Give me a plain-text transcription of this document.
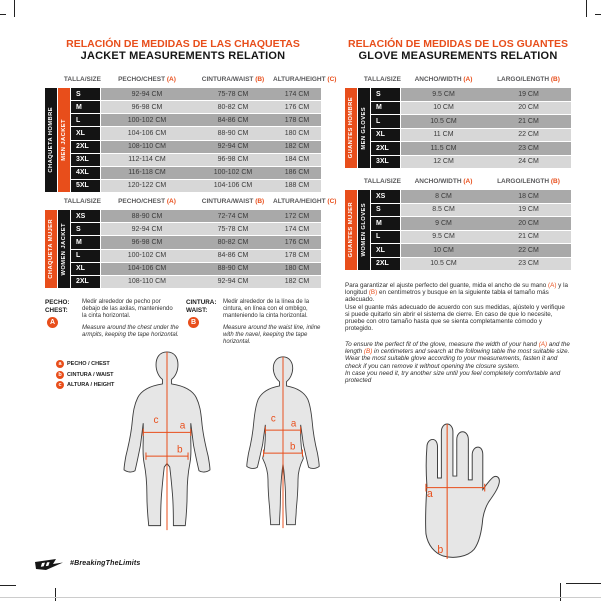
RELACIÓN DE MEDIDAS DE LAS CHAQUETAS
JACKET MEASUREMENTS RELATION
TALLA/SIZE	PECHO/CHEST (A)	CINTURA/WAIST (B)	ALTURA/HEIGHT (C)
CHAQUETA HOMBRE MEN JACKET
S	92-94 CM	75-78 CM	174 CM
M	96-98 CM	80-82 CM	176 CM
L	100-102 CM	84-86 CM	178 CM
XL	104-106 CM	88-90 CM	180 CM
2XL	108-110 CM	92-94 CM	182 CM
3XL	112-114 CM	96-98 CM	184 CM
4XL	116-118 CM	100-102 CM	186 CM
5XL	120-122 CM	104-106 CM	188 CM
TALLA/SIZE	PECHO/CHEST (A)	CINTURA/WAIST (B)	ALTURA/HEIGHT (C)
CHAQUETA MUJER WOMEN JACKET
XS	88-90 CM	72-74 CM	172 CM
S	92-94 CM	75-78 CM	174 CM
M	96-98 CM	80-82 CM	176 CM
L	100-102 CM	84-86 CM	178 CM
XL	104-106 CM	88-90 CM	180 CM
2XL	108-110 CM	92-94 CM	182 CM
RELACIÓN DE MEDIDAS DE LOS GUANTES
GLOVE MEASUREMENTS RELATION
TALLA/SIZE	ANCHO/WIDTH (A)	LARGO/LENGTH (B)
GUANTES HOMBRE MEN GLOVES
S	9.5 CM	19 CM
M	10 CM	20 CM
L	10.5 CM	21 CM
XL	11 CM	22 CM
2XL	11.5 CM	23 CM
3XL	12 CM	24 CM
TALLA/SIZE	ANCHO/WIDTH (A)	LARGO/LENGTH (B)
GUANTES MUJER WOMEN GLOVES
XS	8 CM	18 CM
S	8.5 CM	19 CM
M	9 CM	20 CM
L	9.5 CM	21 CM
XL	10 CM	22 CM
2XL	10.5 CM	23 CM
PECHO:
CHEST:
A

Medir alrededor de pecho por debajo de las axilas, manteniendo la cinta horizontal.

Measure around the chest under the armpits, keeping the tape horizontal.

CINTURA:
WAIST:
B

Medir alrededor de la línea de la cintura, en línea con el ombligo, manteniendo la cinta horizontal.

Measure around the waist line, inline with the navel, keeping the tape horizontal.

a PECHO / CHEST
b CINTURA / WAIST
c ALTURA / HEIGHT
c a
b
c a
b
Para garantizar el ajuste perfecto del guante, mida el ancho de su mano (A) y la longitud (B) en centímetros y busque en la siguiente tabla el tamaño más adecuado.
Use el guante más adecuado de acuerdo con sus medidas, ajústelo y verifique si puede quitarlo sin abrir el sistema de cierre. En caso de que lo necesite, pruebe con otro tamaño hasta que se sienta completamente cómodo y protegido.
To ensure the perfect fit of the glove, measure the width of your hand (A) and the length (B) in centimeters and search at the following table the most suitable size. Wear the most suitable glove according to your measurements, fasten it and check if you can remove it without opening the closure system.
In case you need it, try another size until you feel completely comfortable and protected
a
b
#BreakingTheLimits
